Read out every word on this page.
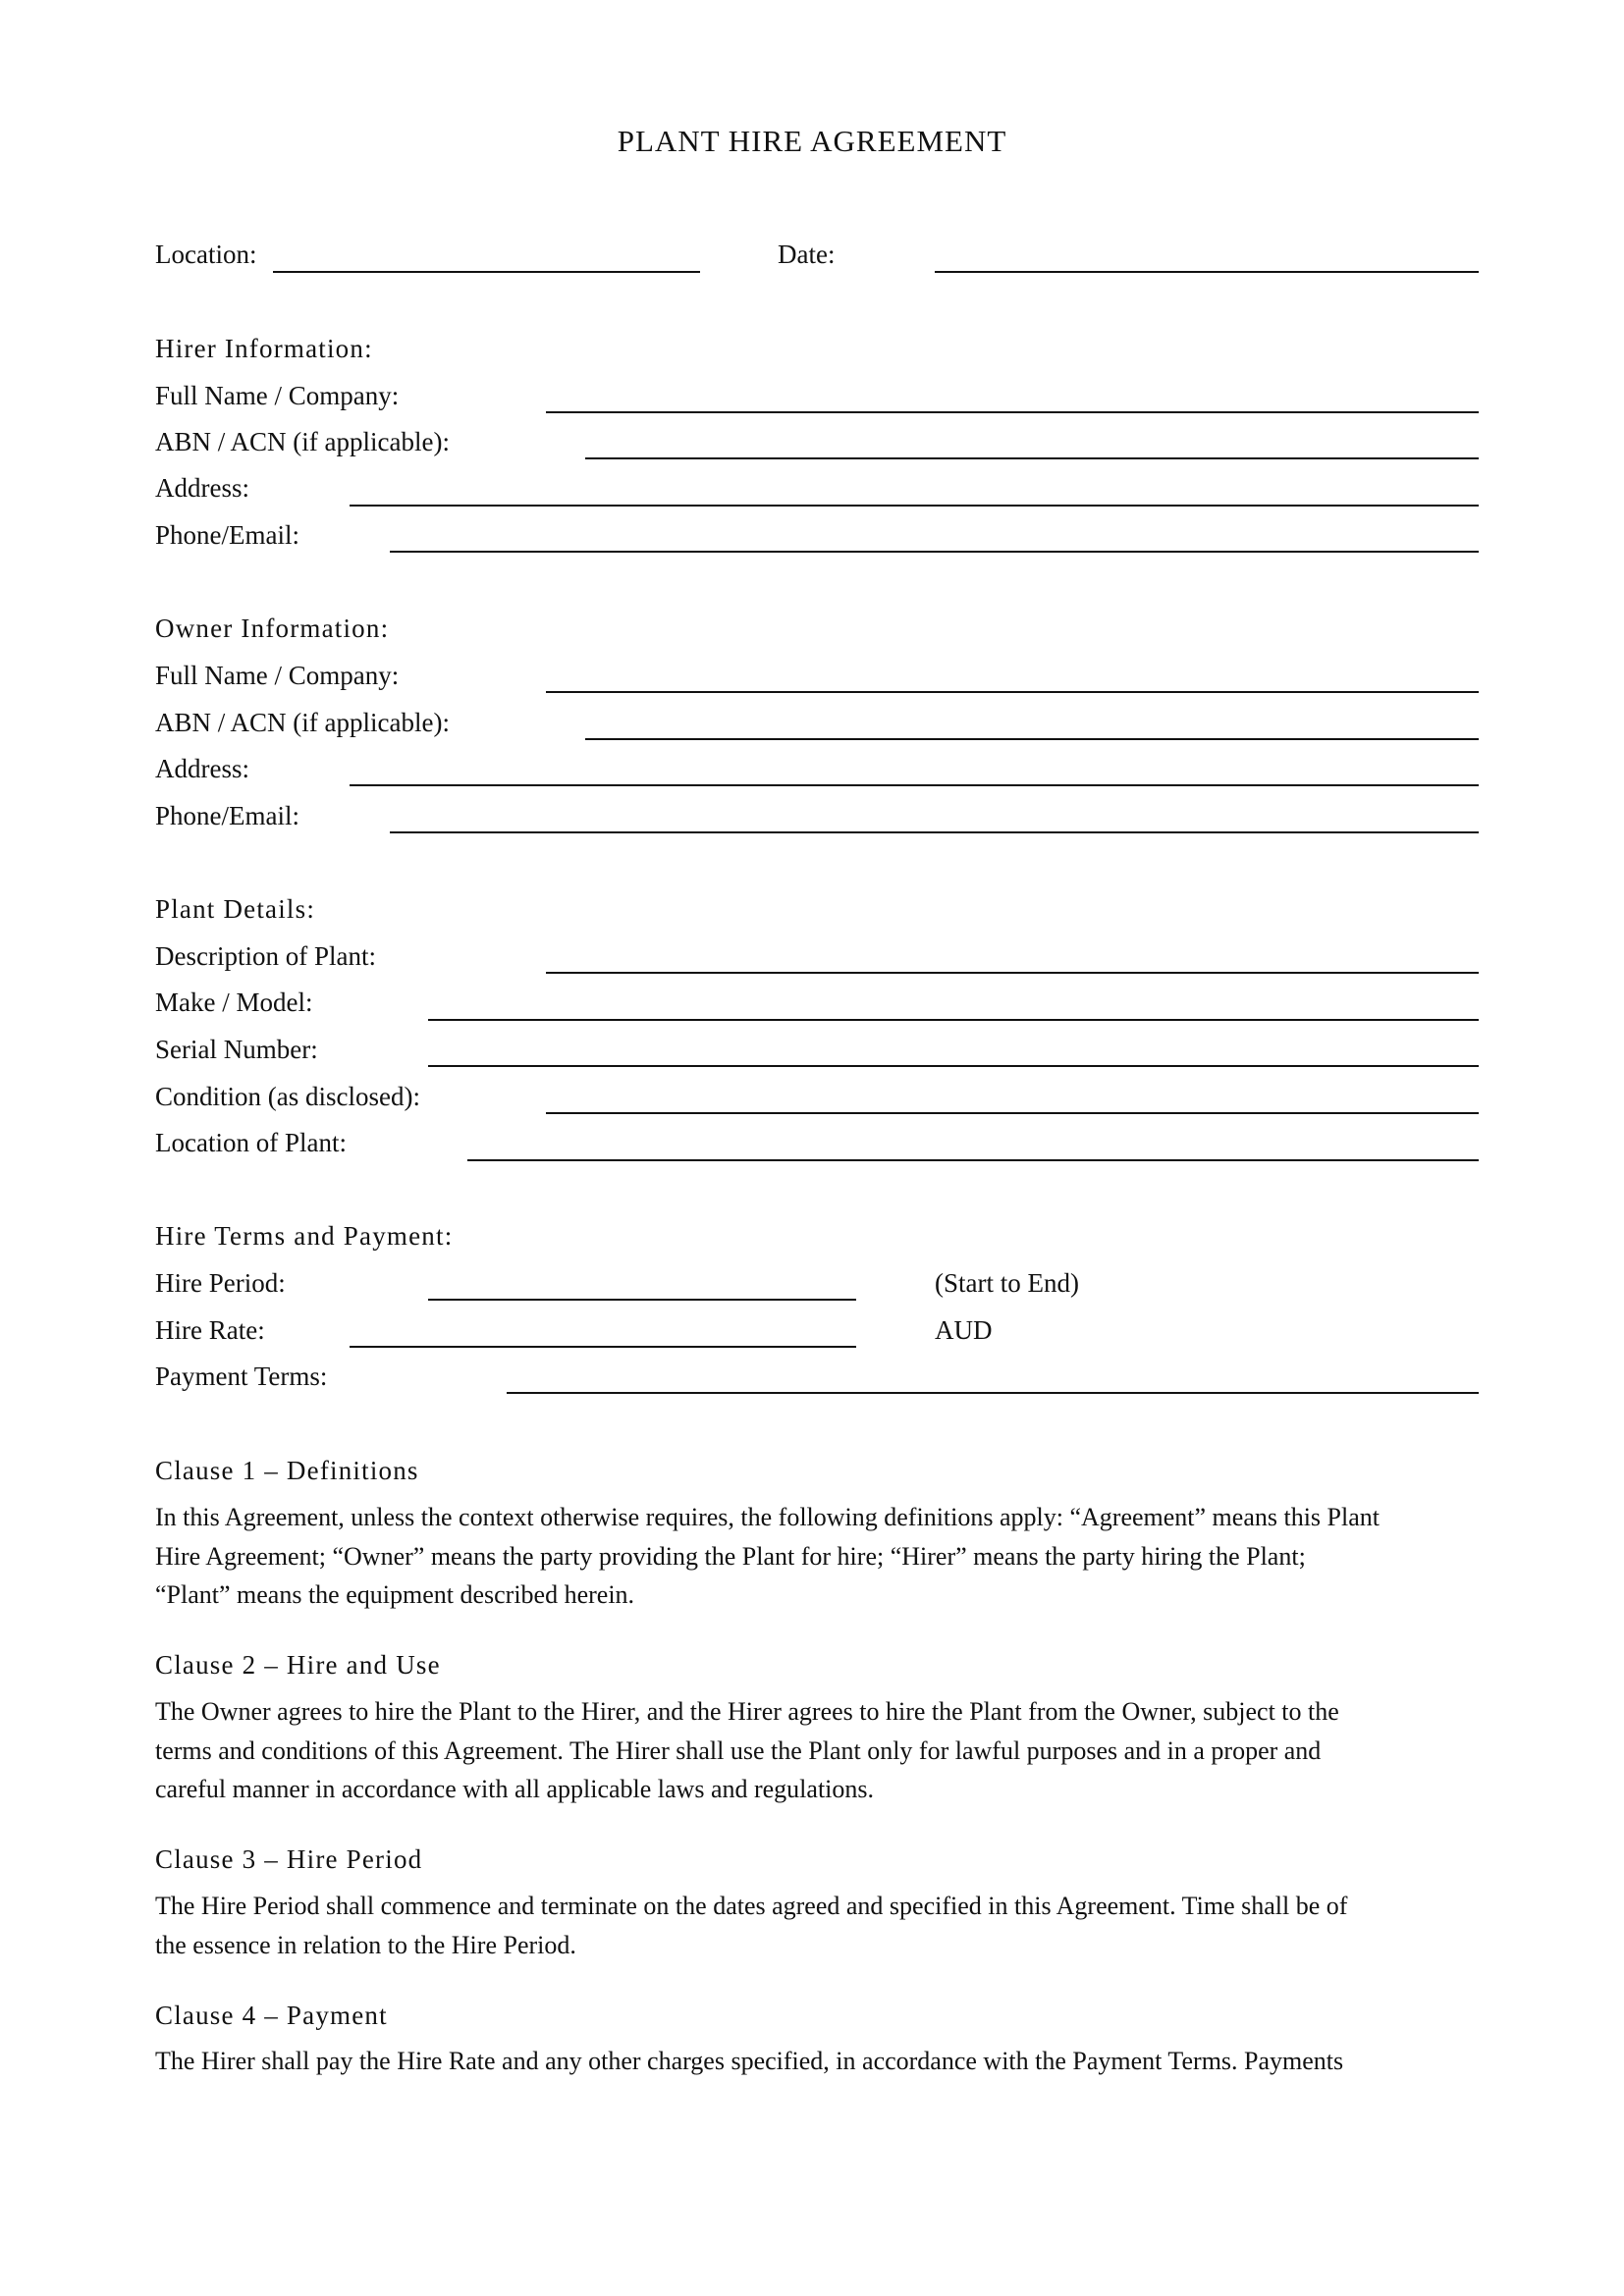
PLANT HIRE AGREEMENT
Location:	Date:
Hirer Information:
Full Name / Company:
ABN / ACN (if applicable):
Address:
Phone/Email:
Owner Information:
Full Name / Company:
ABN / ACN (if applicable):
Address:
Phone/Email:
Plant Details:
Description of Plant:
Make / Model:
Serial Number:
Condition (as disclosed):
Location of Plant:
Hire Terms and Payment:
Hire Period:	(Start to End)
Hire Rate:	AUD
Payment Terms:
Clause 1 – Definitions
In this Agreement, unless the context otherwise requires, the following definitions apply: “Agreement” means this Plant
Hire Agreement; “Owner” means the party providing the Plant for hire; “Hirer” means the party hiring the Plant;
“Plant” means the equipment described herein.
Clause 2 – Hire and Use
The Owner agrees to hire the Plant to the Hirer, and the Hirer agrees to hire the Plant from the Owner, subject to the
terms and conditions of this Agreement. The Hirer shall use the Plant only for lawful purposes and in a proper and
careful manner in accordance with all applicable laws and regulations.
Clause 3 – Hire Period
The Hire Period shall commence and terminate on the dates agreed and specified in this Agreement. Time shall be of
the essence in relation to the Hire Period.
Clause 4 – Payment
The Hirer shall pay the Hire Rate and any other charges specified, in accordance with the Payment Terms. Payments
